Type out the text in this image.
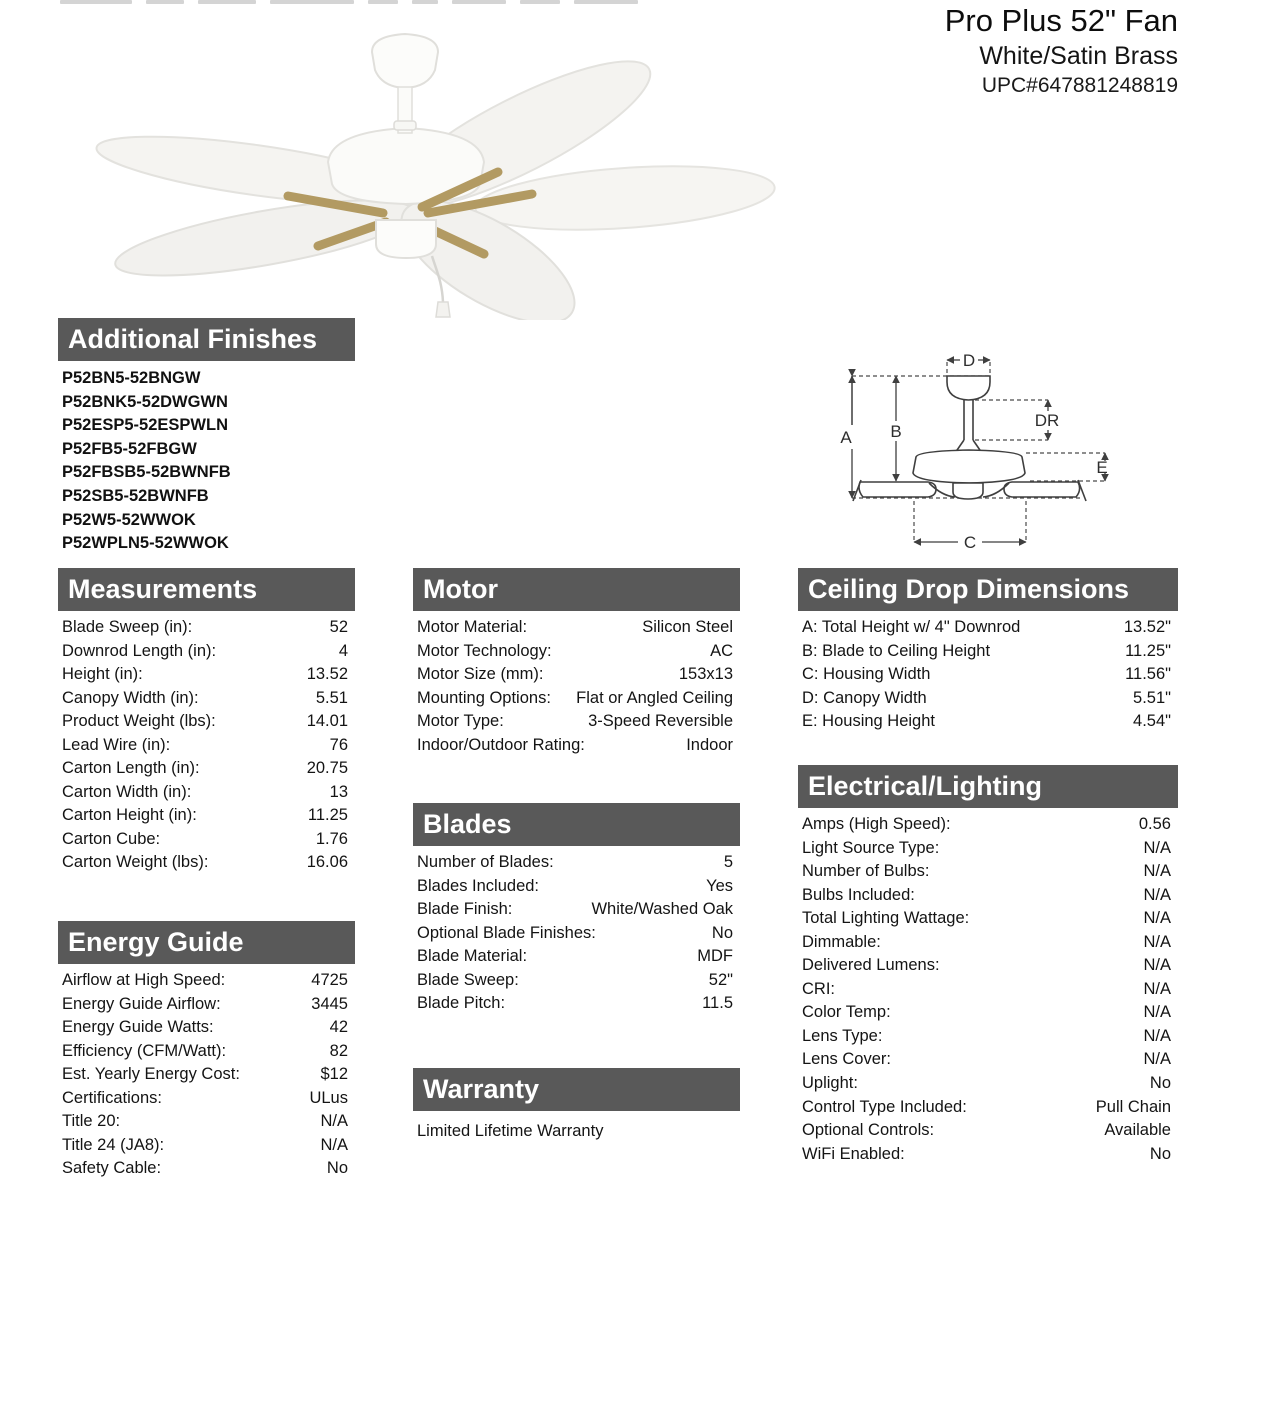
Pro Plus 52" Fan
White/Satin Brass
UPC#647881248819
A B
C
D
E
DR
Additional Finishes
P52BN5-52BNGW
P52BNK5-52DWGWN
P52ESP5-52ESPWLN
P52FB5-52FBGW
P52FBSB5-52BWNFB
P52SB5-52BWNFB
P52W5-52WWOK
P52WPLN5-52WWOK
Measurements
Blade Sweep (in):	52
Downrod Length (in):	4
Height (in):	13.52
Canopy Width (in):	5.51
Product Weight (lbs):	14.01
Lead Wire (in):	76
Carton Length (in):	20.75
Carton Width (in):	13
Carton Height (in):	11.25
Carton Cube:	1.76
Carton Weight (lbs):	16.06
Energy Guide
Airflow at High Speed:	4725
Energy Guide Airflow:	3445
Energy Guide Watts:	42
Efficiency (CFM/Watt):	82
Est. Yearly Energy Cost:	$12
Certifications:	ULus
Title 20:	N/A
Title 24 (JA8):	N/A
Safety Cable:	No
Motor
Motor Material:	Silicon Steel
Motor Technology:	AC
Motor Size (mm):	153x13
Mounting Options: Flat or Angled Ceiling
Motor Type:	3-Speed Reversible
Indoor/Outdoor Rating:	Indoor
Blades
Number of Blades:	5
Blades Included:	Yes
Blade Finish:	White/Washed Oak
Optional Blade Finishes:	No
Blade Material:	MDF
Blade Sweep:	52"
Blade Pitch:	11.5
Warranty
Limited Lifetime Warranty
Ceiling Drop Dimensions
A: Total Height w/ 4" Downrod	13.52"
B: Blade to Ceiling Height	11.25"
C: Housing Width	11.56"
D: Canopy Width	5.51"
E: Housing Height	4.54"
Electrical/Lighting
Amps (High Speed):	0.56
Light Source Type:	N/A
Number of Bulbs:	N/A
Bulbs Included:	N/A
Total Lighting Wattage:	N/A
Dimmable:	N/A
Delivered Lumens:	N/A
CRI:	N/A
Color Temp:	N/A
Lens Type:	N/A
Lens Cover:	N/A
Uplight:	No
Control Type Included:	Pull Chain
Optional Controls:	Available
WiFi Enabled:	No
